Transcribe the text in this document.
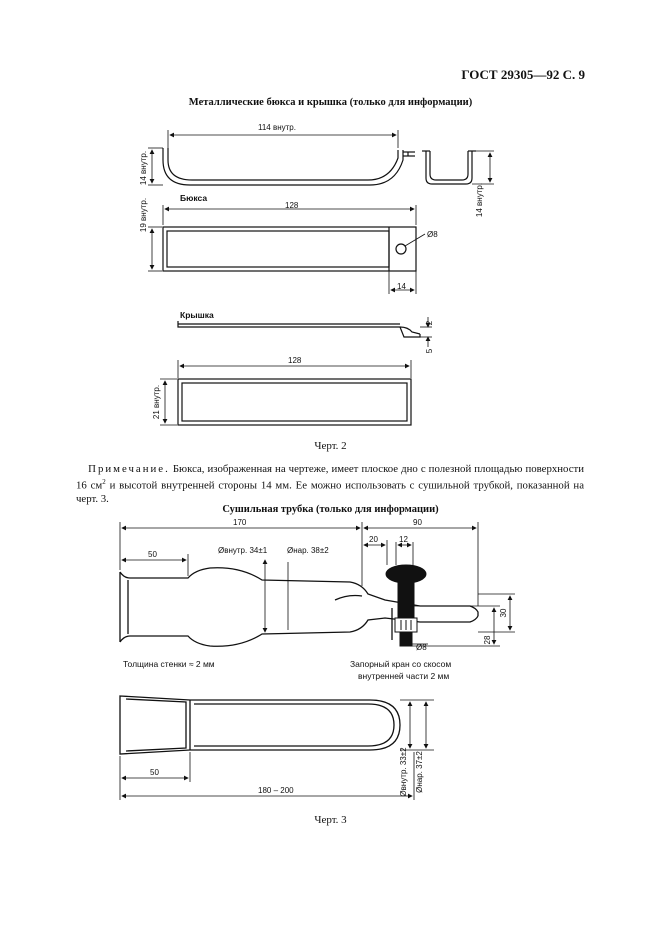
ГОСТ 29305—92 С. 9
Металлические бюкса и крышка (только для информации)
114 внутр.
14 внутр.
14 внутр.
Бюкса
128
19 внутр.
Ø8
14
Крышка
2
5
128
21 внутр.
170	90
50
20	12
Øвнутр. 34±1 Øнар. 38±2
30
28
Ø8
Толщина стенки ≈ 2 мм	Запорный кран со скосом
внутренней части 2 мм
50
180 – 200	Øвнутр. 33±2 Øнар. 37±2
Черт. 2
Примечание. Бюкса, изображенная на чертеже, имеет плоское дно с полезной площадью поверхности 16 $см^2$ и высотой внутренней стороны 14 мм. Ее можно использовать с сушильной трубкой, показанной на черт. 3.
Сушильная трубка (только для информации)
Черт. 3
